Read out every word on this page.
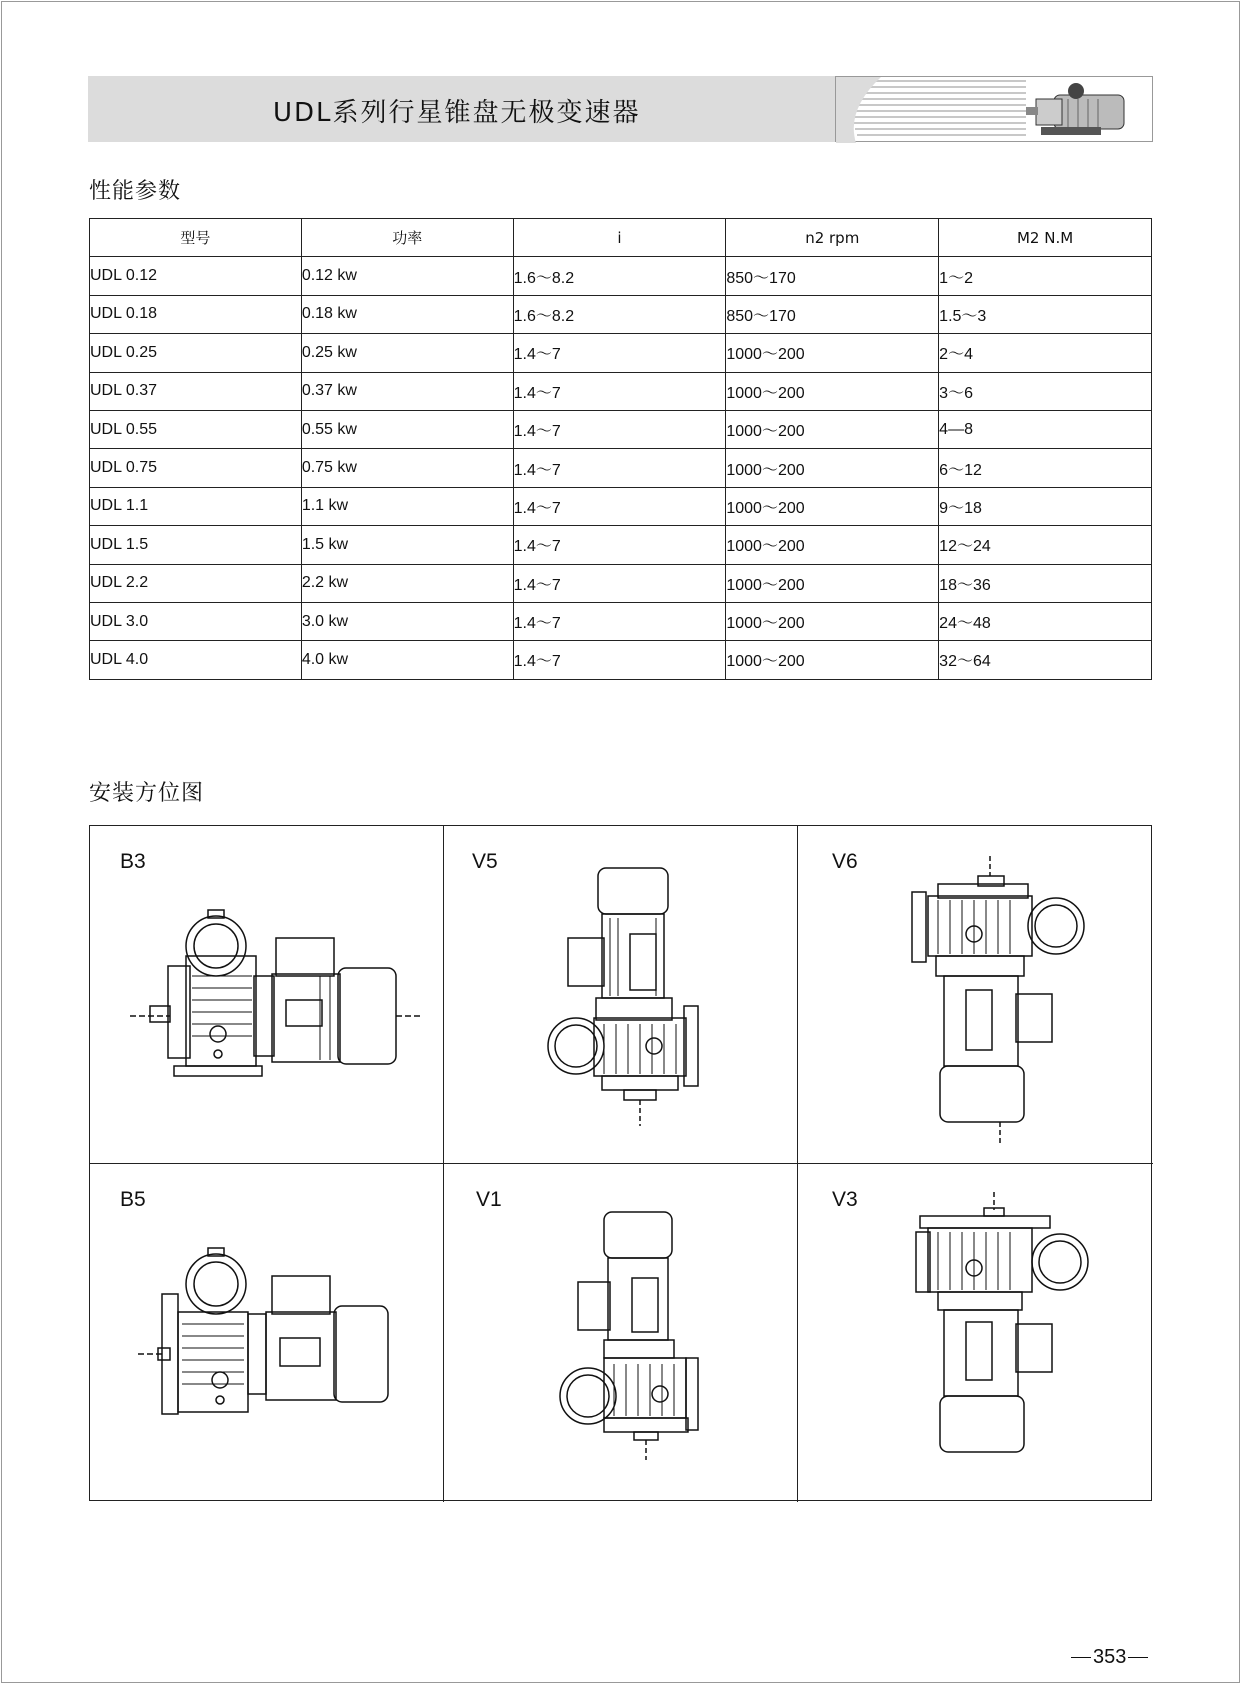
UDL系列行星锥盘无极变速器
性能参数
型号	功率	i	n2 rpm	M2 N.M
UDL 0.12	0.12 kw	1.6～8.2	850～170	1～2
UDL 0.18	0.18 kw	1.6～8.2	850～170	1.5～3
UDL 0.25	0.25 kw	1.4～7	1000～200	2～4
UDL 0.37	0.37 kw	1.4～7	1000～200	3～6
UDL 0.55	0.55 kw	1.4～7	1000～200	4—8
UDL 0.75	0.75 kw	1.4～7	1000～200	6～12
UDL 1.1	1.1 kw	1.4～7	1000～200	9～18
UDL 1.5	1.5 kw	1.4～7	1000～200	12～24
UDL 2.2	2.2 kw	1.4～7	1000～200	18～36
UDL 3.0	3.0 kw	1.4～7	1000～200	24～48
UDL 4.0	4.0 kw	1.4～7	1000～200	32～64
安装方位图
B3	V5	V6
B5	V1	V3
353
